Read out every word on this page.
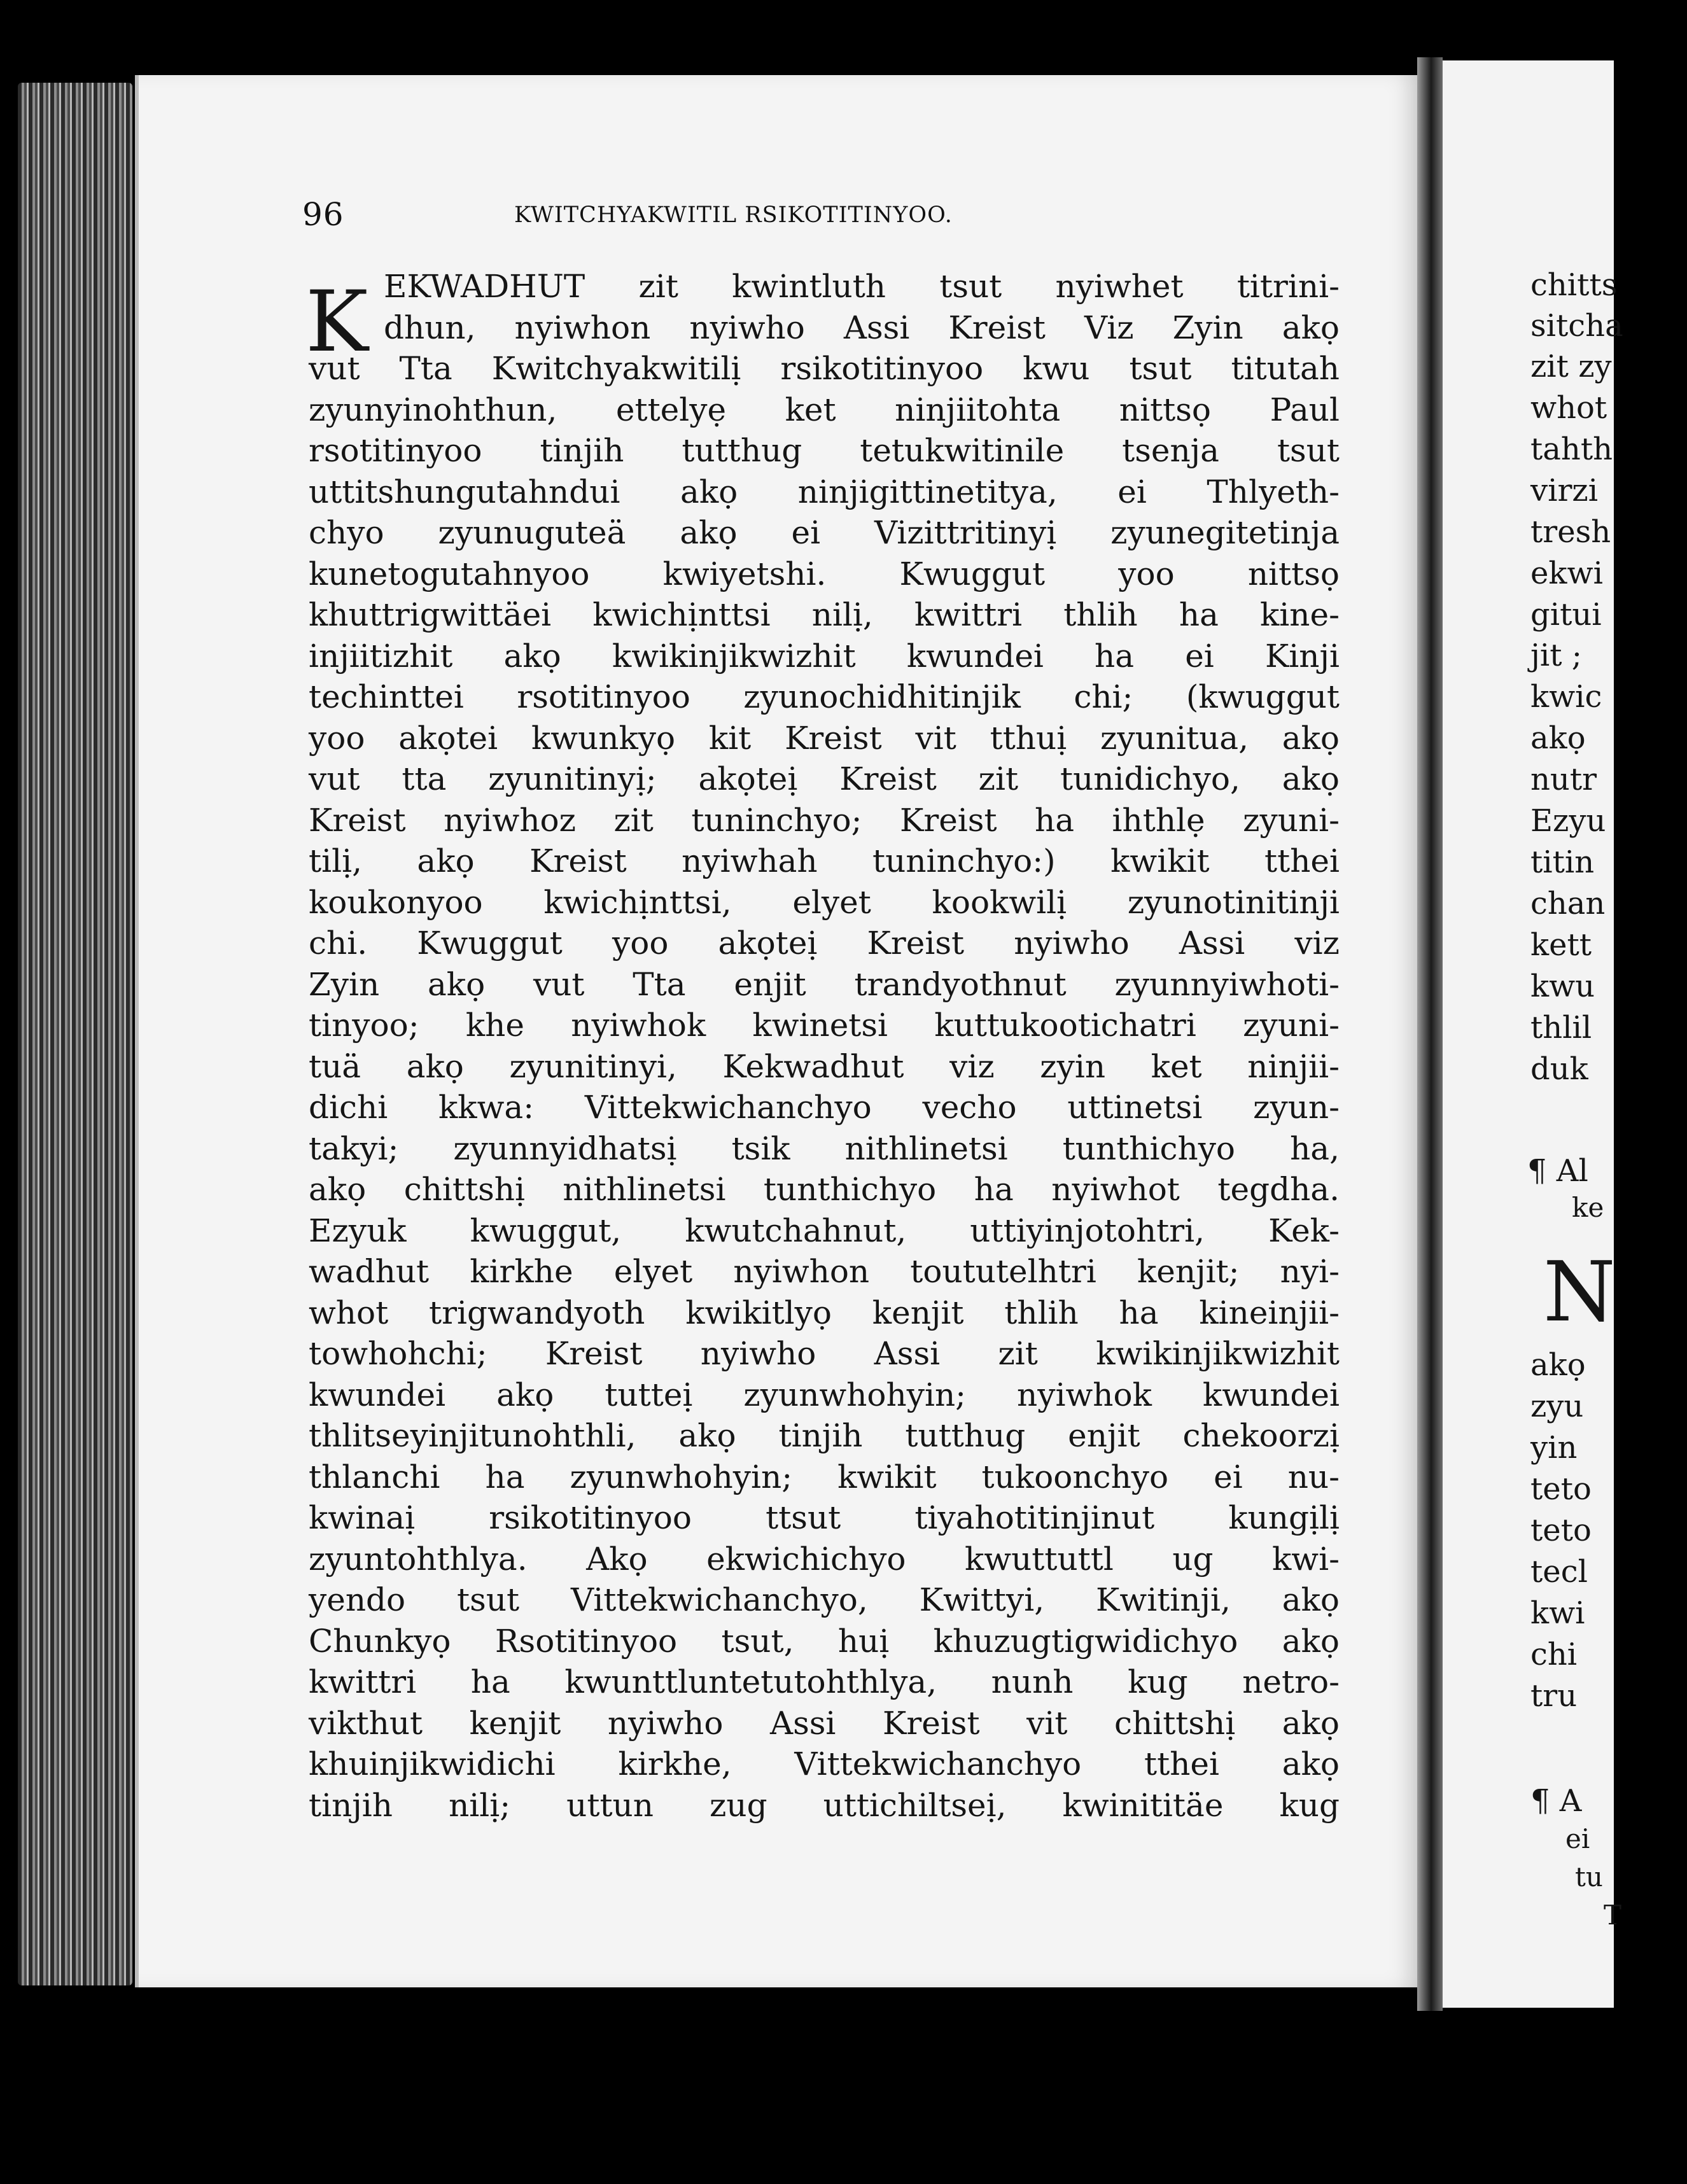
96	KWITCHYAKWITIL RSIKOTITINYOO.
K EKWADHUT zit kwintluth tsut nyiwhet titrini-
dhun, nyiwhon nyiwho Assi Kreist Viz Zyin akọ
vut Tta Kwitchyakwitilị rsikotitinyoo kwu tsut titutah
zyunyinohthun, ettelyẹ ket ninjiitohta nittsọ Paul
rsotitinyoo tinjih tutthug tetukwitinile tsenja tsut
uttitshungutahndui akọ ninjigittinetitya, ei Thlyeth-
chyo zyunuguteä akọ ei Vizittritinyị zyunegitetinja
kunetogutahnyoo kwiyetshi. Kwuggut yoo nittsọ
khuttrigwittäei kwichịnttsi nilị, kwittri thlih ha kine-
injiitizhit akọ kwikinjikwizhit kwundei ha ei Kinji
techinttei rsotitinyoo zyunochidhitinjik chi; (kwuggut
yoo akọtei kwunkyọ kit Kreist vit tthuị zyunitua, akọ
vut tta zyunitinyị; akọteị Kreist zit tunidichyo, akọ
Kreist nyiwhoz zit tuninchyo; Kreist ha ihthlẹ zyuni-
tilị, akọ Kreist nyiwhah tuninchyo:) kwikit tthei
koukonyoo kwichịnttsi, elyet kookwilị zyunotinitinji
chi. Kwuggut yoo akọteị Kreist nyiwho Assi viz
Zyin akọ vut Tta enjit trandyothnut zyunnyiwhoti-
tinyoo; khe nyiwhok kwinetsi kuttukootichatri zyuni-
tuä akọ zyunitinyi, Kekwadhut viz zyin ket ninjii-
dichi kkwa: Vittekwichanchyo vecho uttinetsi zyun-
takyi; zyunnyidhatsị tsik nithlinetsi tunthichyo ha,
akọ chittshị nithlinetsi tunthichyo ha nyiwhot tegdha.
Ezyuk kwuggut, kwutchahnut, uttiyinjotohtri, Kek-
wadhut kirkhe elyet nyiwhon toututelhtri kenjit; nyi-
whot trigwandyoth kwikitlyọ kenjit thlih ha kineinjii-
towhohchi; Kreist nyiwho Assi zit kwikinjikwizhit
kwundei akọ tutteị zyunwhohyin; nyiwhok kwundei
thlitseyinjitunohthli, akọ tinjih tutthug enjit chekoorzị
thlanchi ha zyunwhohyin; kwikit tukoonchyo ei nu-
kwinaị rsikotitinyoo ttsut tiyahotitinjinut kungịlị
zyuntohthlya. Akọ ekwichichyo kwuttuttl ug kwi-
yendo tsut Vittekwichanchyo, Kwittyi, Kwitinji, akọ
Chunkyọ Rsotitinyoo tsut, huị khuzugtigwidichyo akọ
kwittri ha kwunttluntetutohthlya, nunh kug netro-
vikthut kenjit nyiwho Assi Kreist vit chittshị akọ
khuinjikwidichi kirkhe, Vittekwichanchyo tthei akọ
tinjih nilị; uttun zug uttichiltseị, kwinititäe kug
chitts
sitcha
zit zy
whot
tahth
virzi
tresh
ekwi
gitui
jit ;
kwic
akọ
nutr
Ezyu
titin
chan
kett
kwu
thlil
duk
¶ Al
ke
N
akọ
zyu
yin
teto
teto
tecl
kwi
chi
tru
¶ A
ei
tu
T
